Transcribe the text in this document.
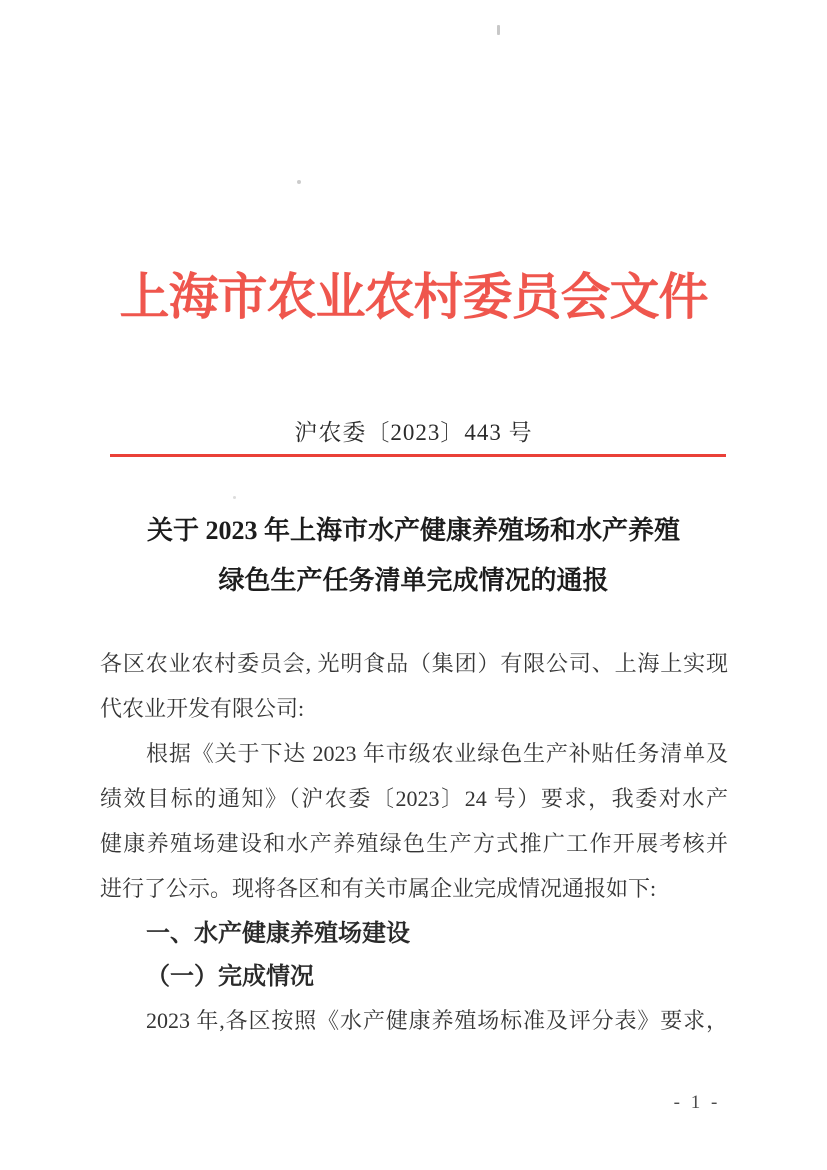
上海市农业农村委员会文件
沪农委〔2023〕443 号
关于 2023 年上海市水产健康养殖场和水产养殖
绿色生产任务清单完成情况的通报
各区农业农村委员会, 光明食品（集团）有限公司、上海上实现
代农业开发有限公司:
根据《关于下达 2023 年市级农业绿色生产补贴任务清单及
绩效目标的通知》（沪农委〔2023〕24 号）要求，我委对水产
健康养殖场建设和水产养殖绿色生产方式推广工作开展考核并
进行了公示。现将各区和有关市属企业完成情况通报如下:
一、水产健康养殖场建设
（一）完成情况
2023 年,各区按照《水产健康养殖场标准及评分表》要求，
- 1 -
